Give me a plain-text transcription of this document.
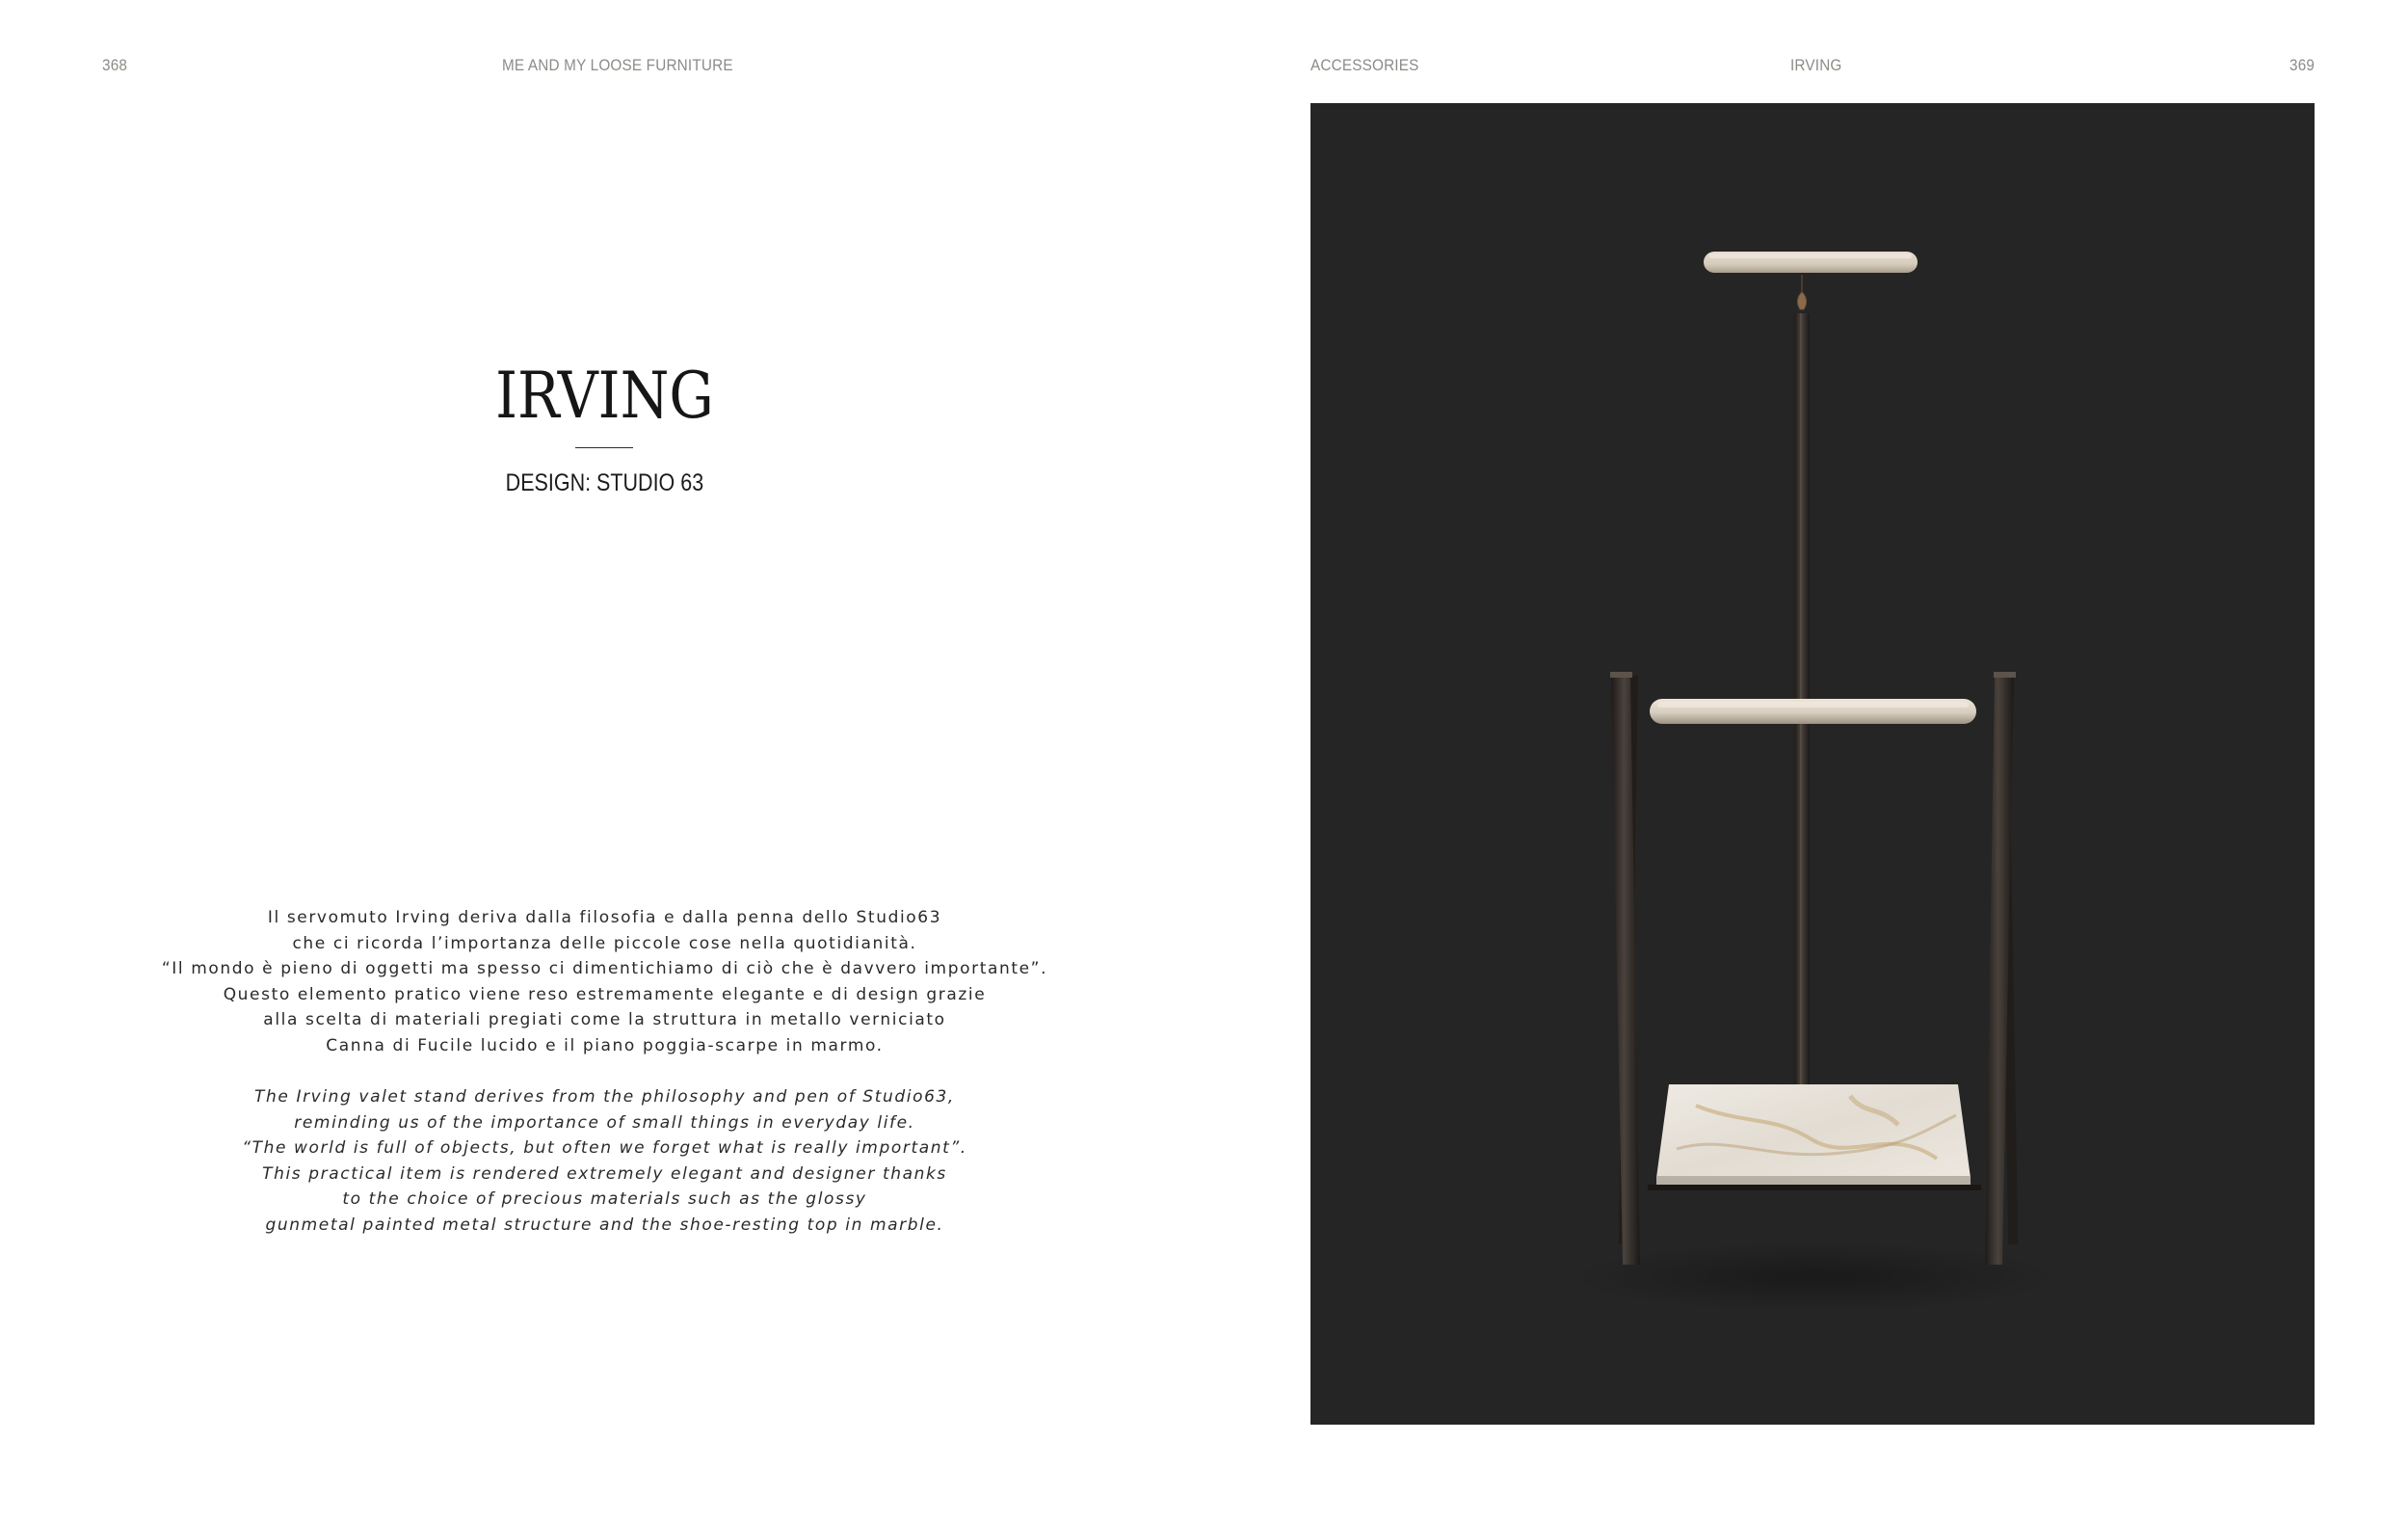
368	ME AND MY LOOSE FURNITURE	ACCESSORIES	IRVING	369
IRVING
DESIGN: STUDIO 63
Il servomuto Irving deriva dalla filosofia e dalla penna dello Studio63
che ci ricorda l’importanza delle piccole cose nella quotidianità.
“Il mondo è pieno di oggetti ma spesso ci dimentichiamo di ciò che è davvero importante”.
Questo elemento pratico viene reso estremamente elegante e di design grazie
alla scelta di materiali pregiati come la struttura in metallo verniciato
Canna di Fucile lucido e il piano poggia-scarpe in marmo.
The Irving valet stand derives from the philosophy and pen of Studio63,
reminding us of the importance of small things in everyday life.
“The world is full of objects, but often we forget what is really important”.
This practical item is rendered extremely elegant and designer thanks
to the choice of precious materials such as the glossy
gunmetal painted metal structure and the shoe-resting top in marble.
